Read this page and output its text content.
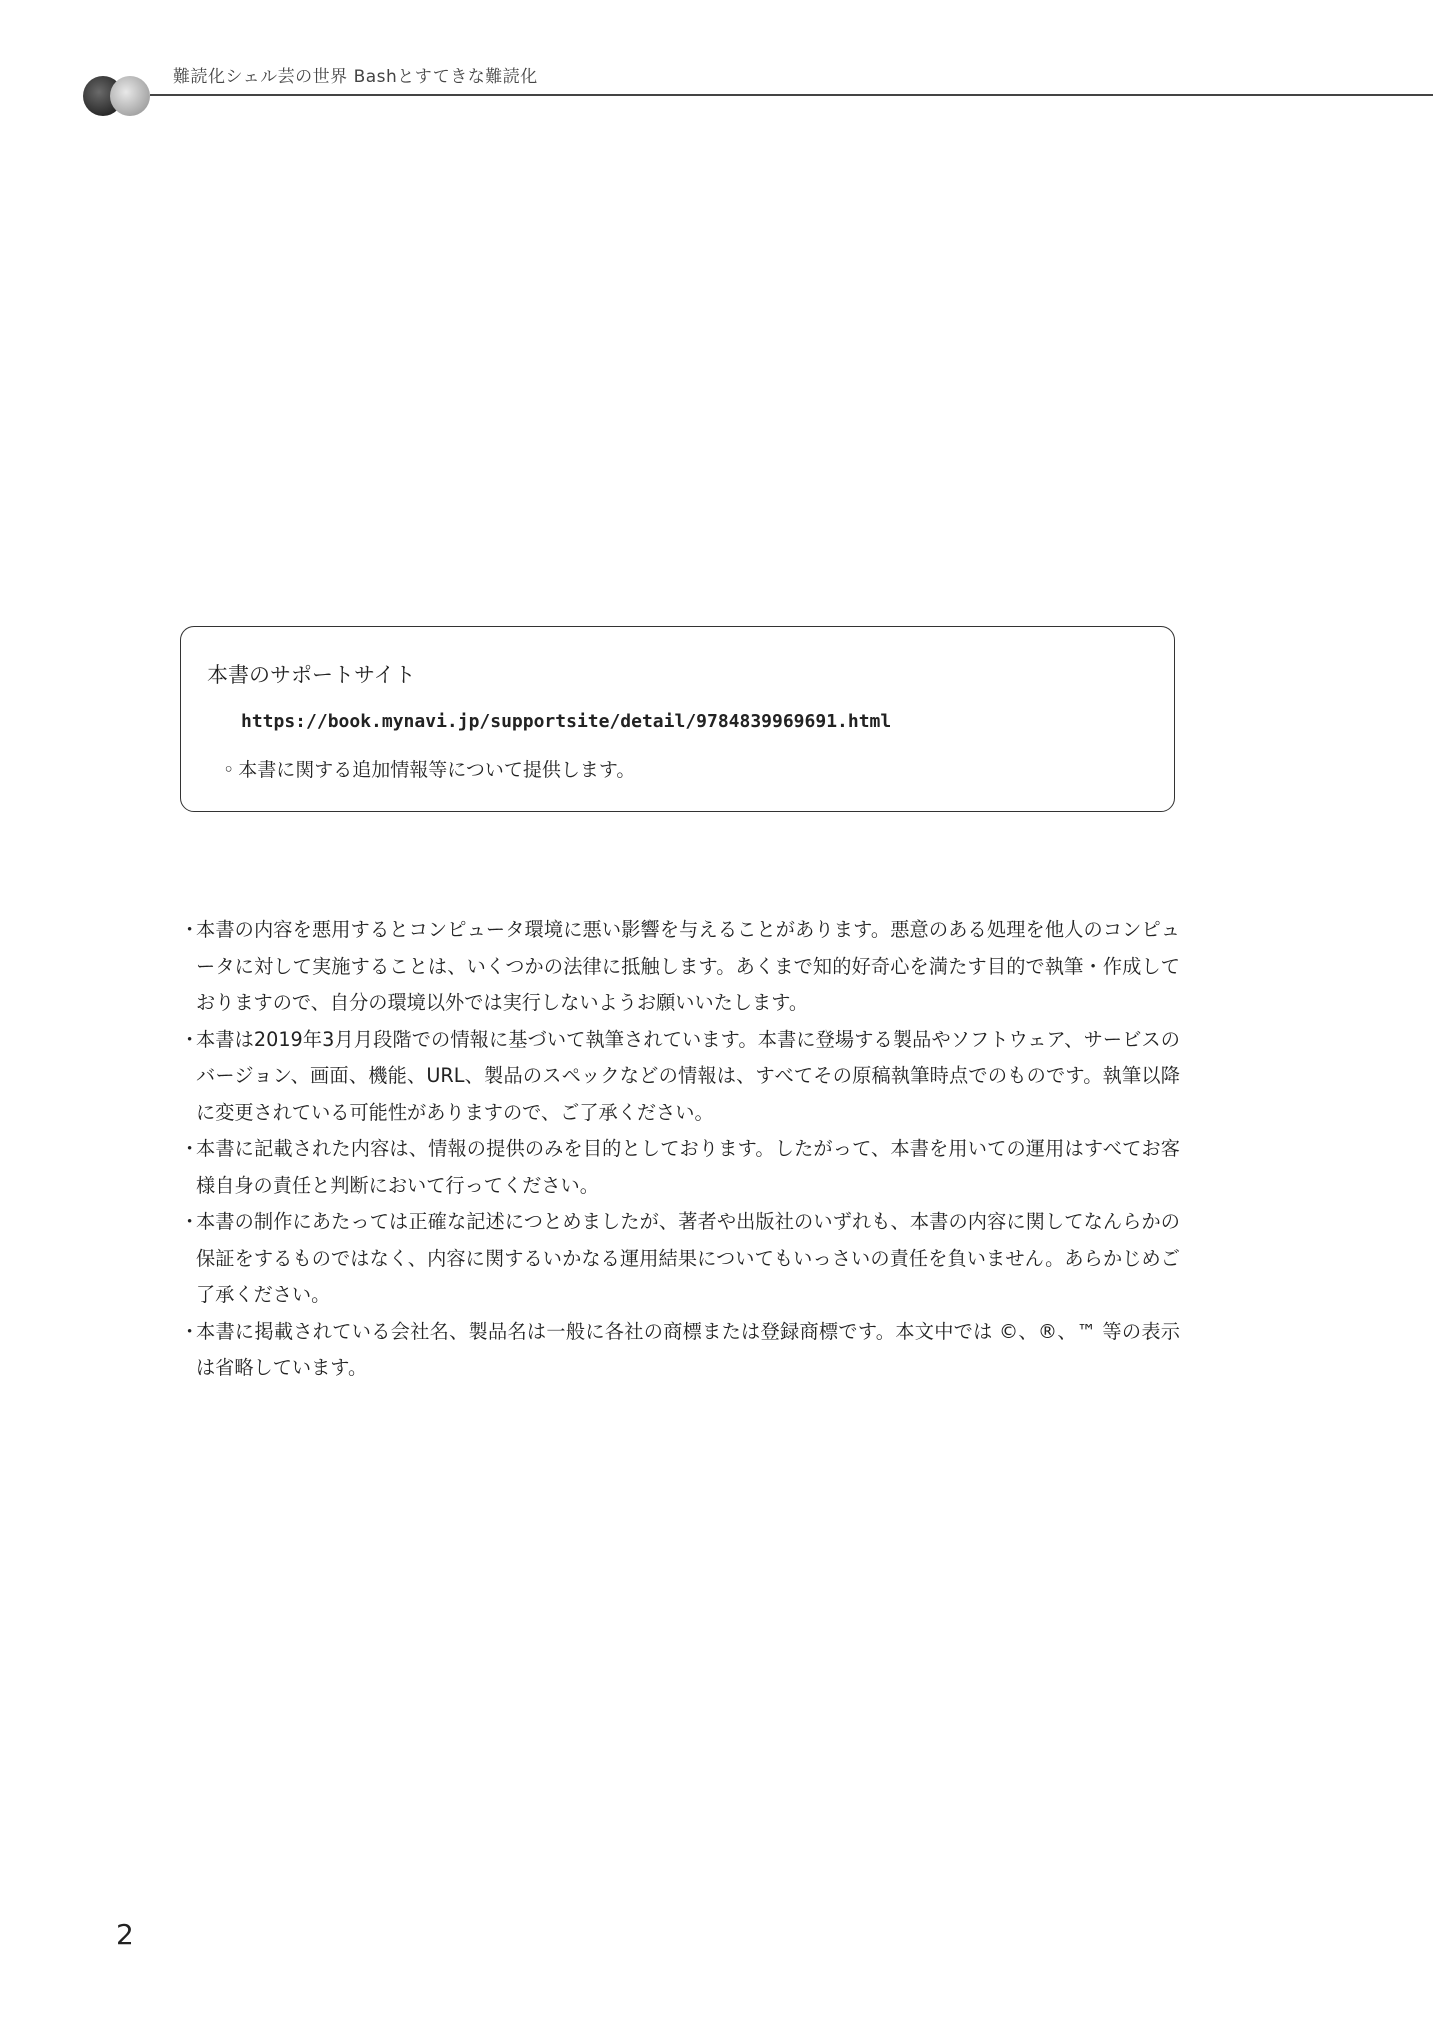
難読化シェル芸の世界 Bashとすてきな難読化
本書のサポートサイト
https://book.mynavi.jp/supportsite/detail/9784839969691.html
◦ 本書に関する追加情報等について提供します。
・
本書の内容を悪用するとコンピュータ環境に悪い影響を与えることがあります。悪意のある処理を他人のコンピュータに対して実施することは、いくつかの法律に抵触します。あくまで知的好奇心を満たす目的で執筆・作成しておりますので、自分の環境以外では実行しないようお願いいたします。
・
本書は2019年3月月段階での情報に基づいて執筆されています。本書に登場する製品やソフトウェア、サービスのバージョン、画面、機能、URL、製品のスペックなどの情報は、すべてその原稿執筆時点でのものです。執筆以降に変更されている可能性がありますので、ご了承ください。
・
本書に記載された内容は、情報の提供のみを目的としております。したがって、本書を用いての運用はすべてお客様自身の責任と判断において行ってください。
・
本書の制作にあたっては正確な記述につとめましたが、著者や出版社のいずれも、本書の内容に関してなんらかの保証をするものではなく、内容に関するいかなる運用結果についてもいっさいの責任を負いません。あらかじめご了承ください。
・
本書に掲載されている会社名、製品名は一般に各社の商標または登録商標です。本文中では ©、®、™ 等の表示は省略しています。
2
